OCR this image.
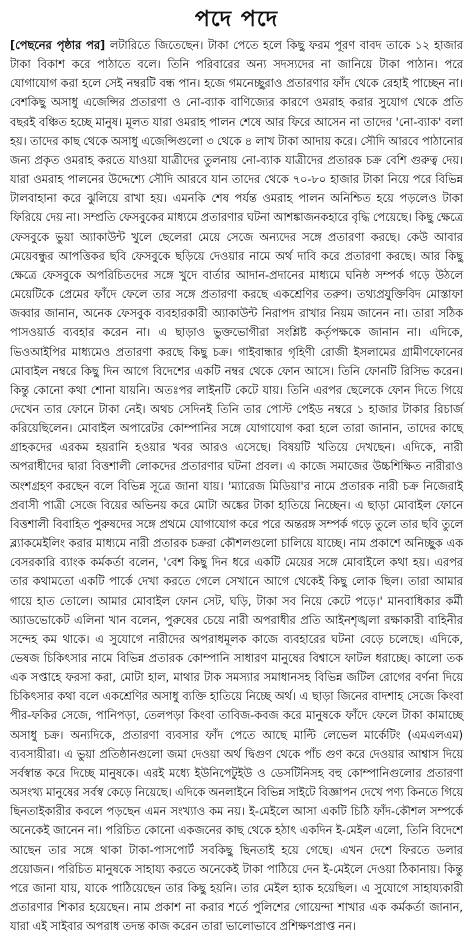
পদে পদে

[পেছনের পৃষ্ঠার পর] লটারিতে জিতেছেন। টাকা পেতে হলে কিছু ফরম পূরণ বাবদ তাকে ১২ হাজার টাকা বিকাশ করে পাঠাতে বলে। তিনি পরিবারের অন্য সদস্যদের না জানিয়ে টাকা পাঠান। পরে যোগাযোগ করা হলে সেই নম্বরটি বন্ধ পান। হজে গমনেচ্ছুরাও প্রতারণার ফাঁদ থেকে রেহাই পাচ্ছেন না। বেশকিছু অসাধু এজেন্সির প্রতারণা ও নো-ব্যাক বাণিজ্যের কারণে ওমরাহ করার সুযোগ থেকে প্রতি বছরই বঞ্চিত হচ্ছে মানুষ। মূলত যারা ওমরাহ পালন শেষে আর ফিরে আসেন না তাদের 'নো-ব্যাক' বলা হয়। তাদের কাছ থেকে অসাধু এজেন্সিগুলো ৩ থেকে ৪ লাখ টাকা আদায় করে। সৌদি আরবে পাঠানোর জন্য প্রকৃত ওমরাহ করতে যাওয়া যাত্রীদের তুলনায় নো-ব্যাক যাত্রীদের প্রতারক চক্র বেশি গুরুত্ব দেয়। যারা ওমরাহ পালনের উদ্দেশ্যে সৌদি আরবে যান তাদের থেকে ৭০-৮০ হাজার টাকা নিয়ে পরে বিভিন্ন টালবাহানা করে ঝুলিয়ে রাখা হয়। এমনকি শেষ পর্যন্ত ওমরাহ পালন অনিশ্চিত হয়ে পড়লেও টাকা ফিরিয়ে দেয় না। সম্প্রতি ফেসবুকের মাধ্যমে প্রতারণার ঘটনা আশঙ্কাজনকহারে বৃদ্ধি পেয়েছে। কিছু ক্ষেত্রে ফেসবুকে ভুয়া অ্যাকাউন্ট খুলে ছেলেরা মেয়ে সেজে অন্যদের সঙ্গে প্রতারণা করছে। কেউ আবার মেয়েবন্ধুর আপত্তিকর ছবি ফেসবুকে ছড়িয়ে দেওয়ার নামে অর্থ দাবি করে প্রতারণা করছে। আর কিছু ক্ষেত্রে ফেসবুকে অপরিচিতদের সঙ্গে খুদে বার্তার আদান-প্রদানের মাধ্যমে ঘনিষ্ঠ সম্পর্ক গড়ে উঠলে মেয়েটিকে প্রেমের ফাঁদে ফেলে তার সঙ্গে প্রতারণা করছে একশ্রেণির তরুণ। তথ্যপ্রযুক্তিবিদ মোস্তাফা জব্বার জানান, অনেক ফেসবুক ব্যবহারকারী অ্যাকাউন্ট নিরাপদ রাখার নিয়ম জানেন না। তারা সঠিক পাসওয়ার্ড ব্যবহার করেন না। এ ছাড়াও ভুক্তভোগীরা সংশ্লিষ্ট কর্তৃপক্ষকে জানান না। এদিকে, ভিওআইপির মাধ্যমেও প্রতারণা করছে কিছু চক্র। গাইবান্ধার গৃহিণী রোজী ইসলামের গ্রামীণফোনের মোবাইল নম্বরে কিছু দিন আগে বিদেশের একটি নম্বর থেকে ফোন আসে। তিনি ফোনটি রিসিভ করেন। কিন্তু কোনো কথা শোনা যায়নি। অতঃপর লাইনটি কেটে যায়। তিনি এরপর ছেলেকে ফোন দিতে গিয়ে দেখেন তার ফোনে টাকা নেই। অথচ সেদিনই তিনি তার পোস্ট পেইড নম্বরে ১ হাজার টাকার রিচার্জ করিয়েছিলেন। মোবাইল অপারেটর কোম্পানির সঙ্গে যোগাযোগ করা হলে তারা জানান, তাদের কাছে গ্রাহকদের এরকম হয়রানি হওয়ার খবর আরও এসেছে। বিষয়টি খতিয়ে দেখছেন। এদিকে, নারী অপরাধীদের দ্বারা বিত্তশালী লোকদের প্রতারণার ঘটনা প্রবল। এ কাজে সমাজের উচ্চশিক্ষিত নারীরাও অংশগ্রহণ করছেন বলে বিভিন্ন সূত্রে জানা যায়। 'ম্যারেজ মিডিয়া'র নামে প্রতারক নারী চক্র নিজেরাই প্রবাসী পাত্রী সেজে বিয়ের অভিনয় করে মোটা অঙ্কের টাকা হাতিয়ে নিচ্ছেন। এ ছাড়া মোবাইল ফোনে বিত্তশালী বিবাহিত পুরুষদের সঙ্গে প্রথমে যোগাযোগ করে পরে অন্তরঙ্গ সম্পর্ক গড়ে তুলে তার ছবি তুলে ব্ল্যাকমেইলিং করার মাধ্যমে নারী প্রতারক চক্ররা কৌশলগুলো চালিয়ে যাচ্ছে। নাম প্রকাশে অনিচ্ছুক এক বেসরকারি ব্যাংক কর্মকর্তা বলেন, 'বেশ কিছু দিন ধরে একটি মেয়ের সঙ্গে মোবাইলে কথা হয়। এরপর তার কথামতো একটি পার্কে দেখা করতে গেলে সেখানে আগে থেকেই কিছু লোক ছিল। তারা আমার গায়ে হাত তোলে। আমার মোবাইল ফোন সেট, ঘড়ি, টাকা সব নিয়ে কেটে পড়ে।' মানবাধিকার কর্মী অ্যাডভোকেট এলিনা খান বলেন, পুরুষের চেয়ে নারী অপরাধীর প্রতি আইনশৃঙ্খলা রক্ষাকারী বাহিনীর সন্দেহ কম থাকে। এ সুযোগে নারীদের অপরাধমূলক কাজে ব্যবহারের ঘটনা বেড়ে চলেছে। এদিকে, ভেষজ চিকিৎসার নামে বিভিন্ন প্রতারক কোম্পানি সাধারণ মানুষের বিশ্বাসে ফাটল ধরাচ্ছে। কালো তক এক সপ্তাহে ফরসা করা, মোটা হাল, মাথার টাক সমস্যার সমাধানসহ বিভিন্ন জটিল রোগের বর্ণনা দিয়ে চিকিৎসার কথা বলে একশ্রেণির অসাধু ব্যক্তি হাতিয়ে নিচ্ছে অর্থ। এ ছাড়া জিনের বাদশাহ সেজে কিংবা পীর-ফকির সেজে, পানিপড়া, তেলপড়া কিংবা তাবিজ-কবজ করে মানুষকে ফাঁদে ফেলে টাকা কামাচ্ছে অসাধু চক্র। অন্যদিকে, প্রতারণা ব্যবসার ফাঁদ পেতে আছে মাল্টি লেভেল মার্কেটিং (এমএলএম) ব্যবসায়ীরা। এ ভুয়া প্রতিষ্ঠানগুলো জমা দেওয়া অর্থ দ্বিগুণ থেকে পাঁচ গুণ করে দেওয়ার আশ্বাস দিয়ে সর্বস্বান্ত করে দিচ্ছে মানুষকে। এরই মধ্যে ইউনিপেটুইউ ও ডেসটিনিসহ বহু কোম্পানিগুলোর প্রতারণা অসংখ্য মানুষের সর্বস্ব কেড়ে নিয়েছে। এদিকে অনলাইনে বিভিন্ন সাইটে বিজ্ঞাপন দেখে পণ্য কিনতে গিয়ে ছিনতাইকারীর কবলে পড়ছেন এমন সংখ্যাও কম নয়। ই-মেইলে আসা একটি চিঠি ফাঁদ-কৌশল সম্পর্কে অনেকেই জানেন না। পরিচিত কোনো একজনের কাছ থেকে হঠাৎ একদিন ই-মেইল এলো, তিনি বিদেশে আছেন তার সঙ্গে থাকা টাকা-পাসপোর্ট সবকিছু ছিনতাই হয়ে গেছে। এখন দেশে ফিরতে ডলার প্রয়োজন। পরিচিত মানুষকে সাহায্য করতে অনেকেই টাকা পাঠিয়ে দেন ই-মেইলে দেওয়া ঠিকানায়। কিন্তু পরে জানা যায়, যাকে পাঠিয়েছেন তার কিছু হয়নি। তার মেইল হ্যাক হয়েছিল। এ সুযোগে সাহায্যকারী প্রতারণার শিকার হয়েছেন। নাম প্রকাশ না করার শর্তে পুলিশের গোয়েন্দা শাখার এক কর্মকর্তা জানান, যারা এই সাইবার অপরাধ তদন্ত কাজ করেন তারা ভালোভাবে প্রশিক্ষণপ্রাপ্ত নন।
